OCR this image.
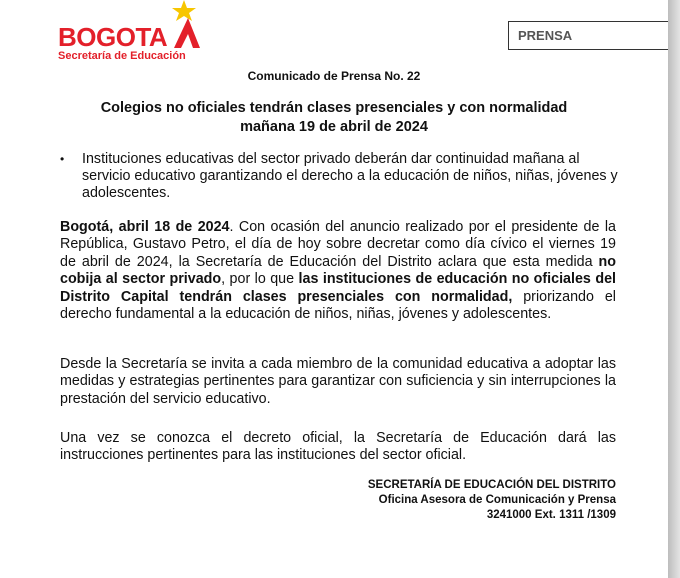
BOGOTA
Secretaría de Educación
PRENSA
Comunicado de Prensa No. 22
Colegios no oficiales tendrán clases presenciales y con normalidad
mañana 19 de abril de 2024
• Instituciones educativas del sector privado deberán dar continuidad mañana al servicio educativo garantizando el derecho a la educación de niños, niñas, jóvenes y adolescentes.

Bogotá, abril 18 de 2024. Con ocasión del anuncio realizado por el presidente de la República, Gustavo Petro, el día de hoy sobre decretar como día cívico el viernes 19 de abril de 2024, la Secretaría de Educación del Distrito aclara que esta medida no cobija al sector privado, por lo que las instituciones de educación no oficiales del Distrito Capital tendrán clases presenciales con normalidad, priorizando el derecho fundamental a la educación de niños, niñas, jóvenes y adolescentes.

Desde la Secretaría se invita a cada miembro de la comunidad educativa a adoptar las medidas y estrategias pertinentes para garantizar con suficiencia y sin interrupciones la prestación del servicio educativo.

Una vez se conozca el decreto oficial, la Secretaría de Educación dará las instrucciones pertinentes para las instituciones del sector oficial.

SECRETARÍA DE EDUCACIÓN DEL DISTRITO
Oficina Asesora de Comunicación y Prensa
3241000 Ext. 1311 /1309
